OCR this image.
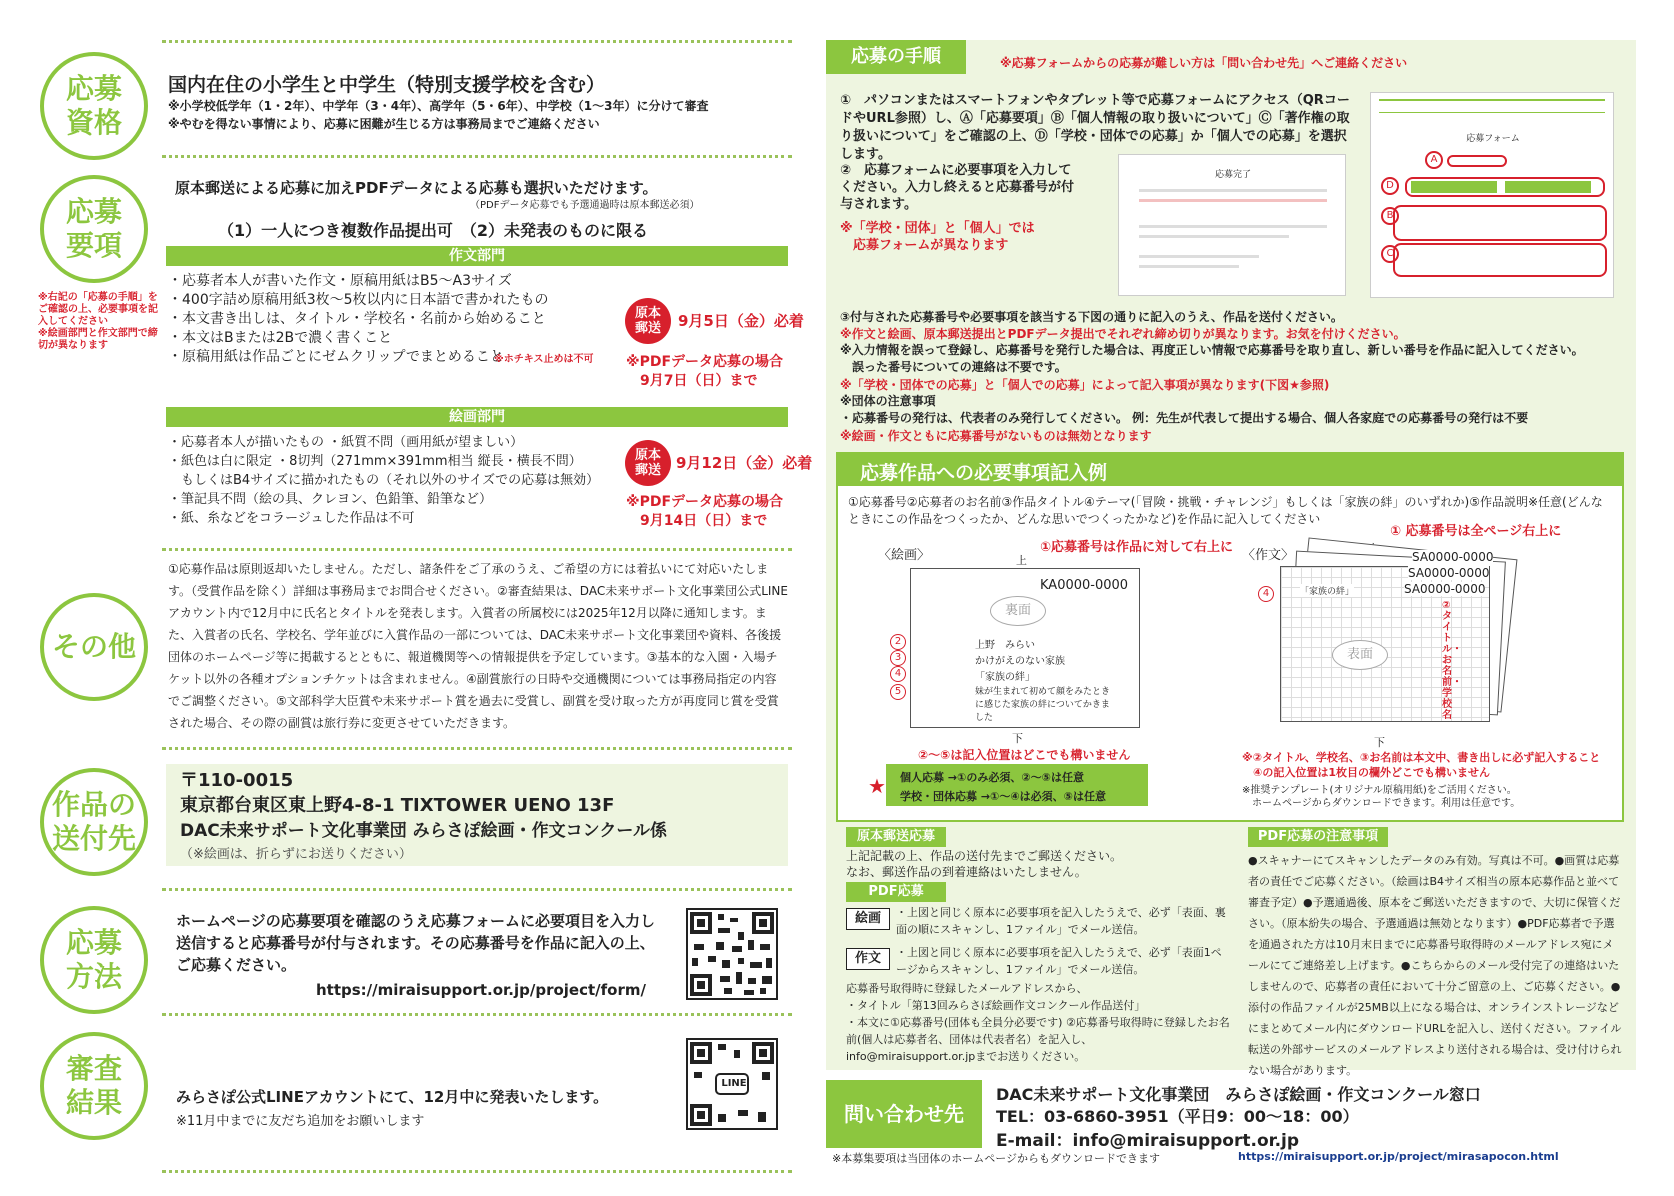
応募
資格
国内在住の小学生と中学生（特別支援学校を含む）
※小学校低学年（1・2年）、中学年（3・4年）、高学年（5・6年）、中学校（1〜3年）に分けて審査
※やむを得ない事情により、応募に困難が生じる方は事務局までご連絡ください
応募
要項
※右記の「応募の手順」をご確認の上、必要事項を記入してください
※絵画部門と作文部門で締切が異なります
原本郵送による応募に加えPDFデータによる応募も選択いただけます。
（PDFデータ応募でも予選通過時は原本郵送必須）
（1）一人につき複数作品提出可　（2）未発表のものに限る
作文部門
・応募者本人が書いた作文・原稿用紙はB5〜A3サイズ
・400字詰め原稿用紙3枚〜5枚以内に日本語で書かれたもの
・本文書き出しは、タイトル・学校名・名前から始めること
・本文はBまたは2Bで濃く書くこと
・原稿用紙は作品ごとにゼムクリップでまとめること
※ホチキス止めは不可
原本
郵送	9月5日（金）必着
※PDFデータ応募の場合
　9月7日（日）まで
絵画部門
・応募者本人が描いたもの ・紙質不問（画用紙が望ましい）
・紙色は白に限定 ・8切判（271mm×391mm相当 縦長・横長不問）
　もしくはB4サイズに描かれたもの（それ以外のサイズでの応募は無効）
・筆記具不問（絵の具、クレヨン、色鉛筆、鉛筆など）
・紙、糸などをコラージュした作品は不可
原本
郵送	9月12日（金）必着
※PDFデータ応募の場合
　9月14日（日）まで
その他
①応募作品は原則返却いたしません。ただし、諸条件をご了承のうえ、ご希望の方には着払いにて対応いたします。（受賞作品を除く）詳細は事務局までお問合せください。②審査結果は、DAC未来サポート文化事業団公式LINEアカウント内で12月中に氏名とタイトルを発表します。入賞者の所属校には2025年12月以降に通知します。また、入賞者の氏名、学校名、学年並びに入賞作品の一部については、DAC未来サポート文化事業団や資料、各後援団体のホームページ等に掲載するとともに、報道機関等への情報提供を予定しています。③基本的な入園・入場チケット以外の各種オプションチケットは含まれません。④副賞旅行の日時や交通機関については事務局指定の内容でご調整ください。⑤文部科学大臣賞や未来サポート賞を過去に受賞し、副賞を受け取った方が再度同じ賞を受賞された場合、その際の副賞は旅行券に変更させていただきます。
作品の
送付先
〒110-0015
東京都台東区東上野4-8-1 TIXTOWER UENO 13F
DAC未来サポート文化事業団 みらさぽ絵画・作文コンクール係
（※絵画は、折らずにお送りください）
応募
方法
ホームページの応募要項を確認のうえ応募フォームに必要項目を入力し送信すると応募番号が付与されます。その応募番号を作品に記入の上、ご応募ください。
https://miraisupport.or.jp/project/form/
審査
結果	みらさぽ公式LINEアカウントにて、12月中に発表いたします。
※11月中までに友だち追加をお願いします
LINE
応募の手順	※応募フォームからの応募が難しい方は「問い合わせ先」へご連絡ください
①　パソコンまたはスマートフォンやタブレット等で応募フォームにアクセス（QRコードやURL参照）し、Ⓐ「応募要項」Ⓑ「個人情報の取り扱いについて」Ⓒ「著作権の取り扱いについて」をご確認の上、Ⓓ「学校・団体での応募」か「個人での応募」を選択します。
②　応募フォームに必要事項を入力してください。入力し終えると応募番号が付与されます。
※「学校・団体」と「個人」では
　応募フォームが異なります
応募完了
応募フォーム
A
D
B
C
③付与された応募番号や必要事項を該当する下図の通りに記入のうえ、作品を送付ください。
※作文と絵画、原本郵送提出とPDFデータ提出でそれぞれ締め切りが異なります。お気を付けください。
※入力情報を誤って登録し、応募番号を発行した場合は、再度正しい情報で応募番号を取り直し、新しい番号を作品に記入してください。
　誤った番号についての連絡は不要です。
※「学校・団体での応募」と「個人での応募」によって記入事項が異なります(下図★参照)
※団体の注意事項
・応募番号の発行は、代表者のみ発行してください。 例：先生が代表して提出する場合、個人各家庭での応募番号の発行は不要
※絵画・作文ともに応募番号がないものは無効となります
応募作品への必要事項記入例
①応募番号②応募者のお名前③作品タイトル④テーマ(「冒険・挑戦・チャレンジ」もしくは「家族の絆」のいずれか)⑤作品説明※任意(どんなときにこの作品をつくったか、どんな思いでつくったかなど)を作品に記入してください
〈絵画〉
①応募番号は作品に対して右上に
上
KA0000-0000
裏面
上野　みらい
かけがえのない家族
「家族の絆」
妹が生まれて初めて顔をみたときに感じた家族の絆についてかきました
2
3
4
5
下
②〜⑤は記入位置はどこでも構いません
★ 個人応募 →①のみ必須、②〜⑤は任意
学校・団体応募 →①〜④は必須、⑤は任意
〈作文〉
① 応募番号は全ページ右上に
SA0000-0000
SA0000-0000
SA0000-0000
「家族の絆」
4
表面
②タイトル・お名前・学校名
下
※②タイトル、学校名、③お名前は本文中、書き出しに必ず記入すること
　④の記入位置は1枚目の欄外どこでも構いません
※推奨テンプレート(オリジナル原稿用紙)をご活用ください。
　ホームページからダウンロードできます。利用は任意です。
原本郵送応募
上記記載の上、作品の送付先までご郵送ください。
なお、郵送作品の到着連絡はいたしません。
PDF応募
絵画	・上図と同じく原本に必要事項を記入したうえで、必ず「表面、裏面の順にスキャンし、1ファイル」でメール送信。
作文	・上図と同じく原本に必要事項を記入したうえで、必ず「表面1ページからスキャンし、1ファイル」でメール送信。
応募番号取得時に登録したメールアドレスから、
・タイトル「第13回みらさぽ絵画作文コンクール作品送付」
・本文に①応募番号(団体も全員分必要です) ②応募番号取得時に登録したお名前(個人は応募者名、団体は代表者名）を記入し、
info@miraisupport.or.jpまでお送りください。
PDF応募の注意事項
●スキャナーにてスキャンしたデータのみ有効。写真は不可。●画質は応募者の責任でご応募ください。（絵画はB4サイズ相当の原本応募作品と並べて審査予定）●予選通過後、原本をご郵送いただきますので、大切に保管ください。（原本紛失の場合、予選通過は無効となります）●PDF応募者で予選を通過された方は10月末日までに応募番号取得時のメールアドレス宛にメールにてご連絡差し上げます。●こちらからのメール受付完了の連絡はいたしませんので、応募者の責任において十分ご留意の上、ご応募ください。●添付の作品ファイルが25MB以上になる場合は、オンラインストレージなどにまとめてメール内にダウンロードURLを記入し、送付ください。ファイル転送の外部サービスのメールアドレスより送付される場合は、受け付けられない場合があります。
問い合わせ先
DAC未来サポート文化事業団　みらさぽ絵画・作文コンクール窓口
TEL：03-6860-3951（平日9：00〜18：00）
E-mail：info@miraisupport.or.jp
※本募集要項は当団体のホームページからもダウンロードできます	https://miraisupport.or.jp/project/mirasapocon.html
